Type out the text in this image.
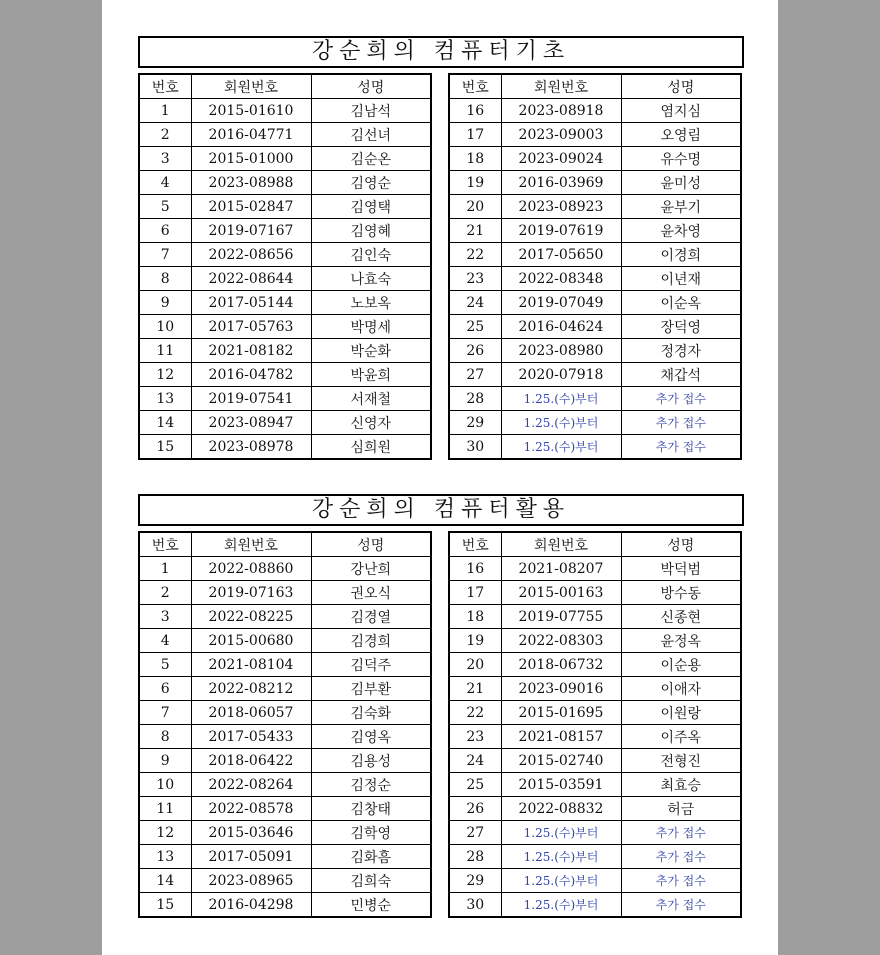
강순희의 컴퓨터기초
번호	회원번호	성명
1	2015-01610	김남석
2	2016-04771	김선녀
3	2015-01000	김순온
4	2023-08988	김영순
5	2015-02847	김영택
6	2019-07167	김영혜
7	2022-08656	김인숙
8	2022-08644	나효숙
9	2017-05144	노보옥
10	2017-05763	박명세
11	2021-08182	박순화
12	2016-04782	박윤희
13	2019-07541	서재철
14	2023-08947	신영자
15	2023-08978	심희원
번호	회원번호	성명
16	2023-08918	염지심
17	2023-09003	오영림
18	2023-09024	유수명
19	2016-03969	윤미성
20	2023-08923	윤부기
21	2019-07619	윤차영
22	2017-05650	이경희
23	2022-08348	이년재
24	2019-07049	이순옥
25	2016-04624	장덕영
26	2023-08980	정경자
27	2020-07918	채갑석
28	1.25.(수)부터	추가 접수
29	1.25.(수)부터	추가 접수
30	1.25.(수)부터	추가 접수
강순희의 컴퓨터활용
번호	회원번호	성명
1	2022-08860	강난희
2	2019-07163	권오식
3	2022-08225	김경열
4	2015-00680	김경희
5	2021-08104	김덕주
6	2022-08212	김부환
7	2018-06057	김숙화
8	2017-05433	김영옥
9	2018-06422	김용성
10	2022-08264	김정순
11	2022-08578	김창태
12	2015-03646	김학영
13	2017-05091	김화흠
14	2023-08965	김희숙
15	2016-04298	민병순
번호	회원번호	성명
16	2021-08207	박덕범
17	2015-00163	방수동
18	2019-07755	신종현
19	2022-08303	윤정옥
20	2018-06732	이순용
21	2023-09016	이애자
22	2015-01695	이원랑
23	2021-08157	이주옥
24	2015-02740	전형진
25	2015-03591	최효승
26	2022-08832	허금
27	1.25.(수)부터	추가 접수
28	1.25.(수)부터	추가 접수
29	1.25.(수)부터	추가 접수
30	1.25.(수)부터	추가 접수
